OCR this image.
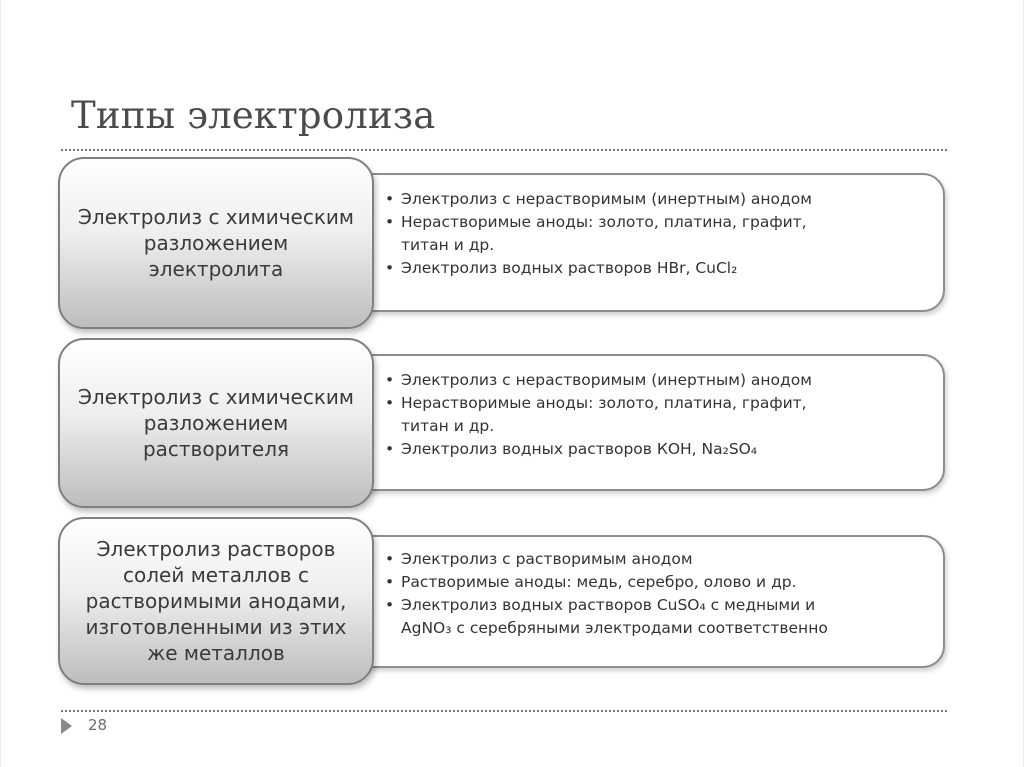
Типы электролиза
• Электролиз с нерастворимым (инертным) анодом
• Нерастворимые аноды: золото, платина, графит,
титан и др.
• Электролиз водных растворов HBr, CuCl₂
Электролиз с химическим разложением электролита
• Электролиз с нерастворимым (инертным) анодом
• Нерастворимые аноды: золото, платина, графит,
титан и др.
• Электролиз водных растворов КОН, Na₂SO₄
Электролиз с химическим разложением растворителя
• Электролиз с растворимым анодом
• Растворимые аноды: медь, серебро, олово и др.
• Электролиз водных растворов CuSO₄ с медными и
AgNO₃ с серебряными электродами соответственно
Электролиз растворов солей металлов с растворимыми анодами, изготовленными из этих же металлов
28
